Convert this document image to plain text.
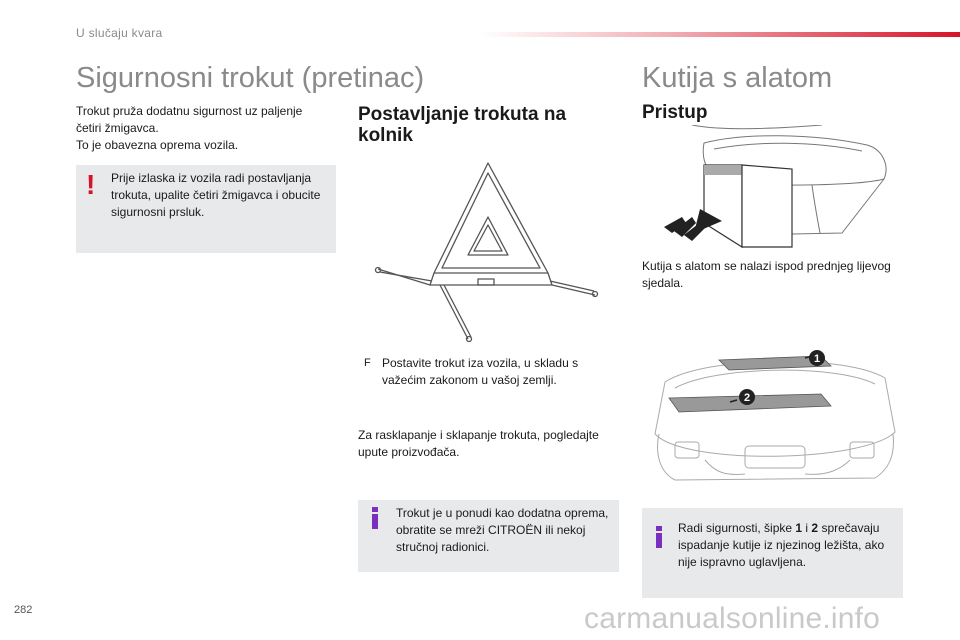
U slučaju kvara
Sigurnosni trokut (pretinac)
Trokut pruža dodatnu sigurnost uz paljenje
četiri žmigavca.
To je obavezna oprema vozila.
! Prije izlaska iz vozila radi postavljanja
trokuta, upalite četiri žmigavca i obucite
sigurnosni prsluk.
Postavljanje trokuta na
kolnik
F Postavite trokut iza vozila, u skladu s
važećim zakonom u vašoj zemlji.
Za rasklapanje i sklapanje trokuta, pogledajte
upute proizvođača.
Trokut je u ponudi kao dodatna oprema,
obratite se mreži CITROËN ili nekoj
stručnoj radionici.
Kutija s alatom
Pristup
Kutija s alatom se nalazi ispod prednjeg lijevog
sjedala.
1
2
Radi sigurnosti, šipke 1 i 2 sprečavaju
ispadanje kutije iz njezinog ležišta, ako
nije ispravno uglavljena.
282	carmanualsonline.info
